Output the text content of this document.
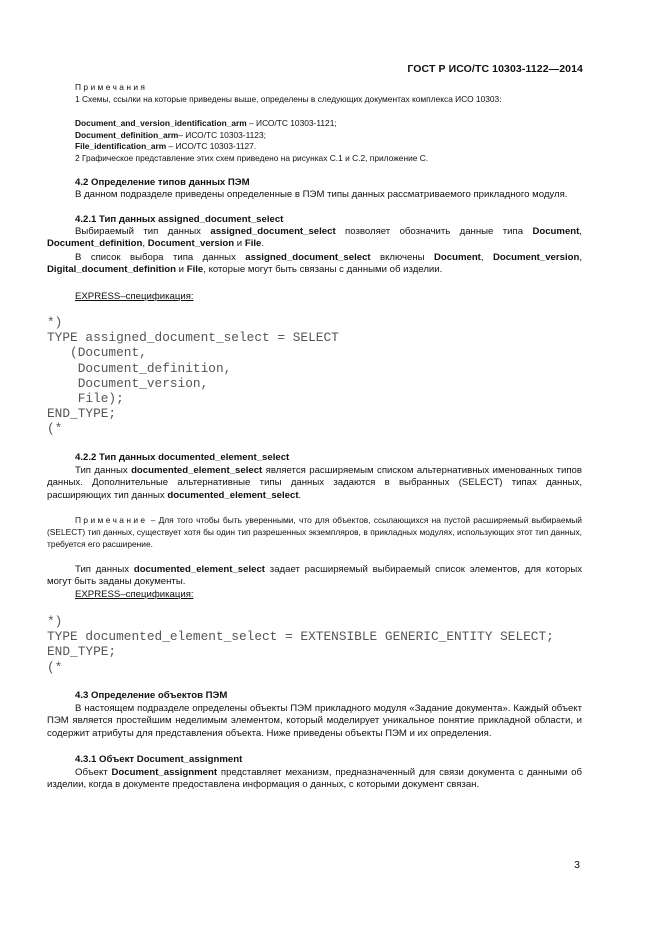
ГОСТ Р ИСО/ТС 10303-1122—2014
Примечания
1 Схемы, ссылки на которые приведены выше, определены в следующих документах комплекса ИСО 10303:
Document_and_version_identification_arm – ИСО/ТС 10303-1121;
Document_definition_arm– ИСО/ТС 10303-1123;
File_identification_arm – ИСО/ТС 10303-1127.
2 Графическое представление этих схем приведено на рисунках С.1 и С.2, приложение С.
4.2 Определение типов данных ПЭМ
В данном подразделе приведены определенные в ПЭМ типы данных рассматриваемого прикладного модуля.
4.2.1 Тип данных assigned_document_select
Выбираемый тип данных assigned_document_select позволяет обозначить данные типа Document, Document_definition, Document_version и File.
В список выбора типа данных assigned_document_select включены Document, Document_version, Digital_document_definition и File, которые могут быть связаны с данными об изделии.
EXPRESS–спецификация:
*)
TYPE assigned_document_select = SELECT
(Document,
Document_definition,
Document_version,
File);
END_TYPE;
(*
4.2.2 Тип данных documented_element_select
Тип данных documented_element_select является расширяемым списком альтернативных именованных типов данных. Дополнительные альтернативные типы данных задаются в выбранных (SELECT) типах данных, расширяющих тип данных documented_element_select.
Примечание – Для того чтобы быть уверенными, что для объектов, ссылающихся на пустой расширяемый выбираемый (SELECT) тип данных, существует хотя бы один тип разрешенных экземпляров, в прикладных модулях, использующих этот тип данных, требуется его расширение.
Тип данных documented_element_select задает расширяемый выбираемый список элементов, для которых могут быть заданы документы.
EXPRESS–спецификация:
*)
TYPE documented_element_select = EXTENSIBLE GENERIC_ENTITY SELECT;
END_TYPE;
(*
4.3 Определение объектов ПЭМ
В настоящем подразделе определены объекты ПЭМ прикладного модуля «Задание документа». Каждый объект ПЭМ является простейшим неделимым элементом, который моделирует уникальное понятие прикладной области, и содержит атрибуты для представления объекта. Ниже приведены объекты ПЭМ и их определения.
4.3.1 Объект Document_assignment
Объект Document_assignment представляет механизм, предназначенный для связи документа с данными об изделии, когда в документе предоставлена информация о данных, с которыми документ связан.
3
